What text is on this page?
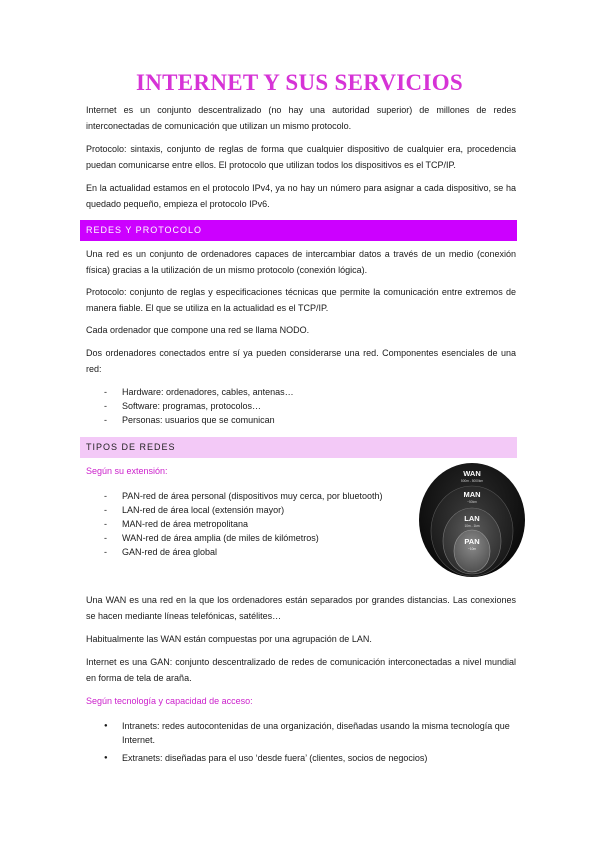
INTERNET Y SUS SERVICIOS
Internet es un conjunto descentralizado (no hay una autoridad superior) de millones de redes interconectadas de comunicación que utilizan un mismo protocolo.
Protocolo: sintaxis, conjunto de reglas de forma que cualquier dispositivo de cualquier era, procedencia puedan comunicarse entre ellos. El protocolo que utilizan todos los dispositivos es el TCP/IP.
En la actualidad estamos en el protocolo IPv4, ya no hay un número para asignar a cada dispositivo, se ha quedado pequeño, empieza el protocolo IPv6.
REDES Y PROTOCOLO
Una red es un conjunto de ordenadores capaces de intercambiar datos a través de un medio (conexión física) gracias a la utilización de un mismo protocolo (conexión lógica).
Protocolo: conjunto de reglas y especificaciones técnicas que permite la comunicación entre extremos de manera fiable. El que se utiliza en la actualidad es el TCP/IP.
Cada ordenador que compone una red se llama NODO.
Dos ordenadores conectados entre sí ya pueden considerarse una red. Componentes esenciales de una red:
- Hardware: ordenadores, cables, antenas…
- Software: programas, protocolos…
- Personas: usuarios que se comunican
TIPOS DE REDES
Según su extensión:
- PAN-red de área personal (dispositivos muy cerca, por bluetooth)
- LAN-red de área local (extensión mayor)
- MAN-red de área metropolitana
- WAN-red de área amplia (de miles de kilómetros)
- GAN-red de área global
WAN
500m - 5000km
MAN
~50km
LAN
10m - 1km
PAN
~10m
Una WAN es una red en la que los ordenadores están separados por grandes distancias. Las conexiones se hacen mediante líneas telefónicas, satélites…
Habitualmente las WAN están compuestas por una agrupación de LAN.
Internet es una GAN: conjunto descentralizado de redes de comunicación interconectadas a nivel mundial en forma de tela de araña.
Según tecnología y capacidad de acceso:
● Intranets: redes autocontenidas de una organización, diseñadas usando la misma tecnología que Internet.
● Extranets: diseñadas para el uso ‘desde fuera’ (clientes, socios de negocios)
